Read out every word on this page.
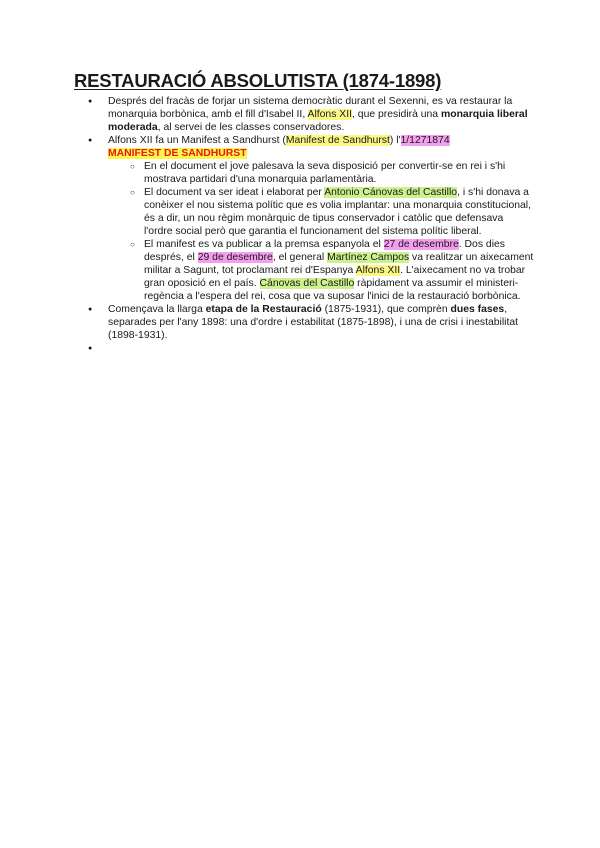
RESTAURACIÓ ABSOLUTISTA (1874-1898)
● Després del fracàs de forjar un sistema democràtic durant el Sexenni, es va restaurar la monarquia borbònica, amb el fill d'Isabel II, Alfons XII, que presidirà una monarquia liberal moderada, al servei de les classes conservadores.
● Alfons XII fa un Manifest a Sandhurst (Manifest de Sandhurst) l'1/1271874
MANIFEST DE SANDHURST
○ En el document el jove palesava la seva disposició per convertir-se en rei i s'hi mostrava partidari d'una monarquia parlamentària.
○ El document va ser ideat i elaborat per Antonio Cánovas del Castillo, i s'hi donava a conèixer el nou sistema polític que es volia implantar: una monarquia constitucional, és a dir, un nou règim monàrquic de tipus conservador i catòlic que defensava l'ordre social però que garantia el funcionament del sistema polític liberal.
○ El manifest es va publicar a la premsa espanyola el 27 de desembre. Dos dies després, el 29 de desembre, el general Martínez Campos va realitzar un aixecament militar a Sagunt, tot proclamant rei d'Espanya Alfons XII. L'aixecament no va trobar gran oposició en el país. Cánovas del Castillo ràpidament va assumir el ministeri-regència a l'espera del rei, cosa que va suposar l'inici de la restauració borbònica.
● Començava la llarga etapa de la Restauració (1875-1931), que comprèn dues fases, separades per l'any 1898: una d'ordre i estabilitat (1875-1898), i una de crisi i inestabilitat (1898-1931).
●
